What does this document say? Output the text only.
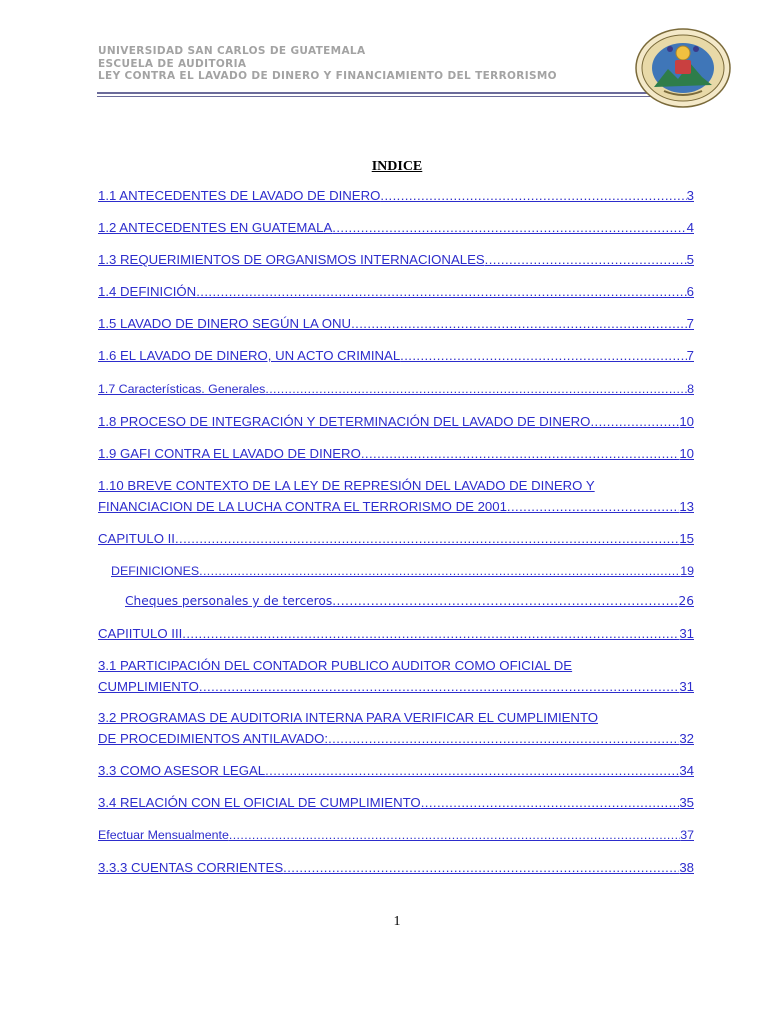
UNIVERSIDAD SAN CARLOS DE GUATEMALA
ESCUELA DE AUDITORIA
LEY CONTRA EL LAVADO DE DINERO Y FINANCIAMIENTO DEL TERRORISMO
INDICE
1.1 ANTECEDENTES DE LAVADO DE DINERO .....	3
1.2 ANTECEDENTES EN GUATEMALA .....	4
1.3 REQUERIMIENTOS DE ORGANISMOS INTERNACIONALES .....	5
1.4 DEFINICIÓN .....	6
1.5 LAVADO DE DINERO SEGÚN LA ONU .....	7
1.6 EL LAVADO DE DINERO, UN ACTO CRIMINAL .....	7
1.7 Características. Generales .....	8
1.8 PROCESO DE INTEGRACIÓN Y DETERMINACIÓN DEL LAVADO DE DINERO .....	10
1.9 GAFI CONTRA EL LAVADO DE DINERO .....	10
1.10 BREVE CONTEXTO DE LA LEY DE REPRESIÓN DEL LAVADO DE DINERO Y
FINANCIACION DE LA LUCHA CONTRA EL TERRORISMO DE 2001 .....	13
CAPITULO II .....	15
DEFINICIONES .....	19
Cheques personales y de terceros .....	26
CAPIITULO III .....	31
3.1 PARTICIPACIÓN DEL CONTADOR PUBLICO AUDITOR COMO OFICIAL DE
CUMPLIMIENTO .....	31
3.2 PROGRAMAS DE AUDITORIA INTERNA PARA VERIFICAR EL CUMPLIMIENTO
DE PROCEDIMIENTOS ANTILAVADO: .....	32
3.3 COMO ASESOR LEGAL .....	34
3.4 RELACIÓN CON EL OFICIAL DE CUMPLIMIENTO .....	35
Efectuar Mensualmente .....	37
3.3.3 CUENTAS CORRIENTES .....	38
1
